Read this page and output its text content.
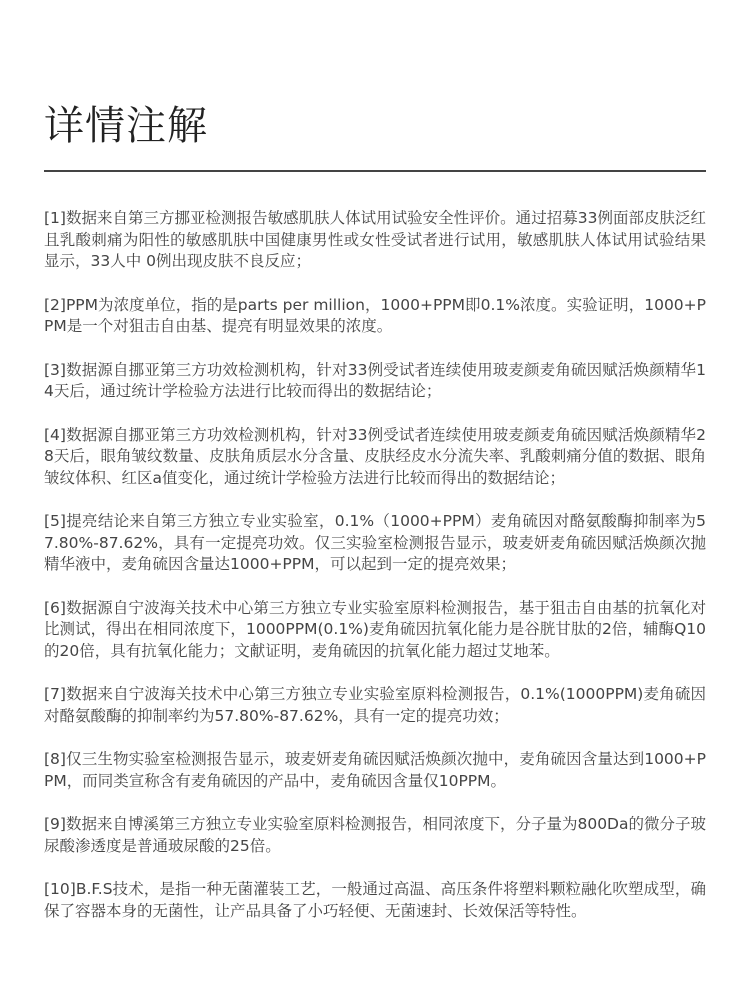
详情注解
[1]数据来自第三方挪亚检测报告敏感肌肤人体试用试验安全性评价。通过招募33例面部皮肤泛红且乳酸刺痛为阳性的敏感肌肤中国健康男性或女性受试者进行试用，敏感肌肤人体试用试验结果显示，33人中 0例出现皮肤不良反应；
[2]PPM为浓度单位，指的是parts per million，1000+PPM即0.1%浓度。实验证明，1000+PPM是一个对狙击自由基、提亮有明显效果的浓度。
[3]数据源自挪亚第三方功效检测机构，针对33例受试者连续使用玻麦颜麦角硫因赋活焕颜精华14天后，通过统计学检验方法进行比较而得出的数据结论；
[4]数据源自挪亚第三方功效检测机构，针对33例受试者连续使用玻麦颜麦角硫因赋活焕颜精华28天后，眼角皱纹数量、皮肤角质层水分含量、皮肤经皮水分流失率、乳酸刺痛分值的数据、眼角皱纹体积、红区a值变化，通过统计学检验方法进行比较而得出的数据结论；
[5]提亮结论来自第三方独立专业实验室，0.1%（1000+PPM）麦角硫因对酪氨酸酶抑制率为57.80%-87.62%，具有一定提亮功效。仅三实验室检测报告显示，玻麦妍麦角硫因赋活焕颜次抛精华液中，麦角硫因含量达1000+PPM，可以起到一定的提亮效果；
[6]数据源自宁波海关技术中心第三方独立专业实验室原料检测报告，基于狙击自由基的抗氧化对比测试，得出在相同浓度下，1000PPM(0.1%)麦角硫因抗氧化能力是谷胱甘肽的2倍，辅酶Q10的20倍，具有抗氧化能力；文献证明，麦角硫因的抗氧化能力超过艾地苯。
[7]数据来自宁波海关技术中心第三方独立专业实验室原料检测报告，0.1%(1000PPM)麦角硫因对酪氨酸酶的抑制率约为57.80%-87.62%，具有一定的提亮功效；
[8]仅三生物实验室检测报告显示，玻麦妍麦角硫因赋活焕颜次抛中，麦角硫因含量达到1000+PPM，而同类宣称含有麦角硫因的产品中，麦角硫因含量仅10PPM。
[9]数据来自博溪第三方独立专业实验室原料检测报告，相同浓度下，分子量为800Da的微分子玻尿酸渗透度是普通玻尿酸的25倍。
[10]B.F.S技术，是指一种无菌灌装工艺，一般通过高温、高压条件将塑料颗粒融化吹塑成型，确保了容器本身的无菌性，让产品具备了小巧轻便、无菌速封、长效保活等特性。
